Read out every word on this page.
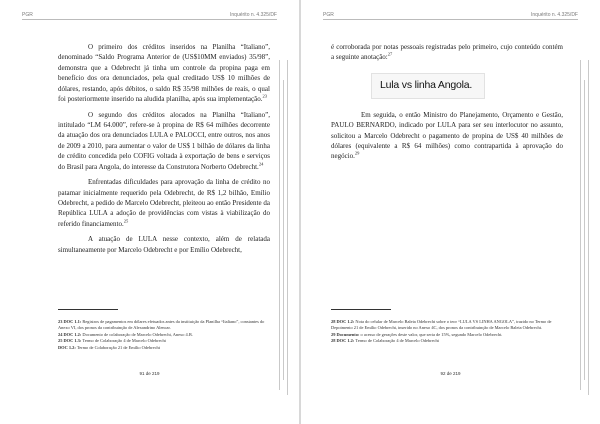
PGR	Inquérito n. 4.325/DF

O primeiro dos créditos inseridos na Planilha “Italiano”, denominado “Saldo Programa Anterior de (US$10MM enviados) 35/98”, demonstra que a Odebrecht já tinha um controle da propina paga em benefício dos ora denunciados, pela qual creditado US$ 10 milhões de dólares, restando, após débitos, o saldo R$ 35/98 milhões de reais, o qual foi posteriormente inserido na aludida planilha, após sua implementação.$^{23}$

O segundo dos créditos alocados na Planilha “Italiano”, intitulado “LM 64.000”, refere-se à propina de R$ 64 milhões decorrente da atuação dos ora denunciados LULA e PALOCCI, entre outros, nos anos de 2009 a 2010, para aumentar o valor de US$ 1 bilhão de dólares da linha de crédito concedida pelo COFIG voltada à exportação de bens e serviços do Brasil para Angola, do interesse da Construtora Norberto Odebrecht.$^{24}$

Enfrentadas dificuldades para aprovação da linha de crédito no patamar inicialmente requerido pela Odebrecht, de R$ 1,2 bilhão, Emílio Odebrecht, a pedido de Marcelo Odebrecht, pleiteou ao então Presidente da República LULA a adoção de providências com vistas à viabilização do referido financiamento.$^{25}$

A atuação de LULA nesse contexto, além de relatada simultaneamente por Marcelo Odebrecht e por Emílio Odebrecht,

23 DOC 1.1: Registros de pagamentos em dólares efetuados antes da instituição da Planilha “Italiano”, constantes do Anexo VI, dos pronos da contribuinção de Alexandrino Alencar.
24 DOC 1.2: Documento de colaboração de Marcelo Odebrecht, Anexo 4.B.
25 DOC 1.3: Termo de Colaboração 4 de Marcelo Odebrecht
DOC 1.2: Termo de Colaboração 21 de Emílio Odebrecht
91 de 219
PGR	Inquérito n. 4.325/DF

é corroborada por notas pessoais registradas pelo primeiro, cujo conteúdo contém a seguinte anotação:$^{27}$

Lula vs linha Angola.

Em seguida, o então Ministro do Planejamento, Orçamento e Gestão, PAULO BERNARDO, indicado por LULA para ser seu interlocutor no assunto, solicitou a Marcelo Odebrecht o pagamento de propina de US$ 40 milhões de dólares (equivalente a R$ 64 milhões) como contrapartida à aprovação do negócio.$^{29}$

28 DOC 1.2: Nota do celular de Marcelo Baleia Odebrecht sobre o teor “LULA VS LINHA ANGOLA”, trazido no Termo de Depoimento 21 de Emílio Odebrecht, inserido no Anexo 4C, dos pronos da contribuinção de Marcelo Baleia Odebrecht.
29 Documento: o acesso de gerações deste valor, que seria de 15%, segundo Marcelo Odebrecht.
28 DOC 1.2: Termo de Colaboração 4 de Marcelo Odebrecht
92 de 219
